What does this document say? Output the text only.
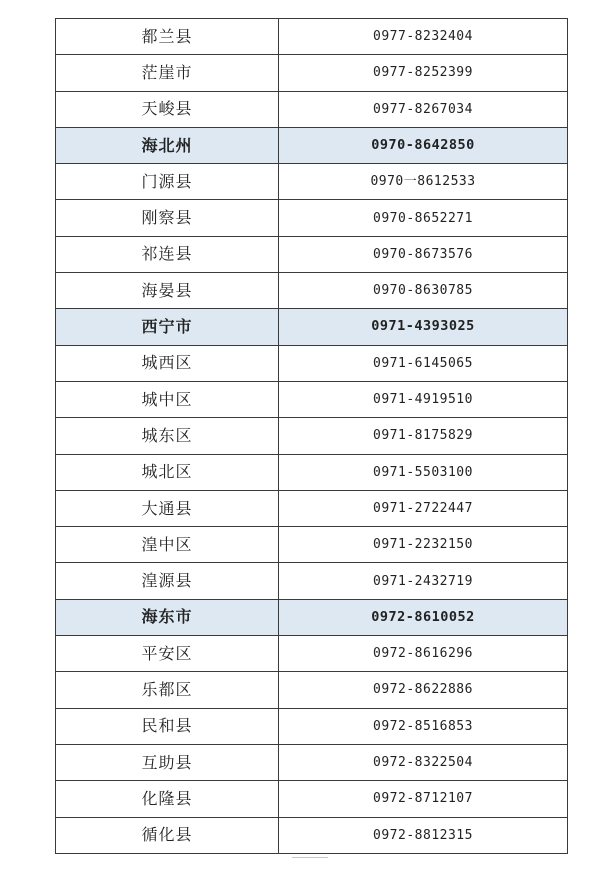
都兰县	0977-8232404
茫崖市	0977-8252399
天峻县	0977-8267034
海北州	0970-8642850
门源县	0970一8612533
刚察县	0970-8652271
祁连县	0970-8673576
海晏县	0970-8630785
西宁市	0971-4393025
城西区	0971-6145065
城中区	0971-4919510
城东区	0971-8175829
城北区	0971-5503100
大通县	0971-2722447
湟中区	0971-2232150
湟源县	0971-2432719
海东市	0972-8610052
平安区	0972-8616296
乐都区	0972-8622886
民和县	0972-8516853
互助县	0972-8322504
化隆县	0972-8712107
循化县	0972-8812315
